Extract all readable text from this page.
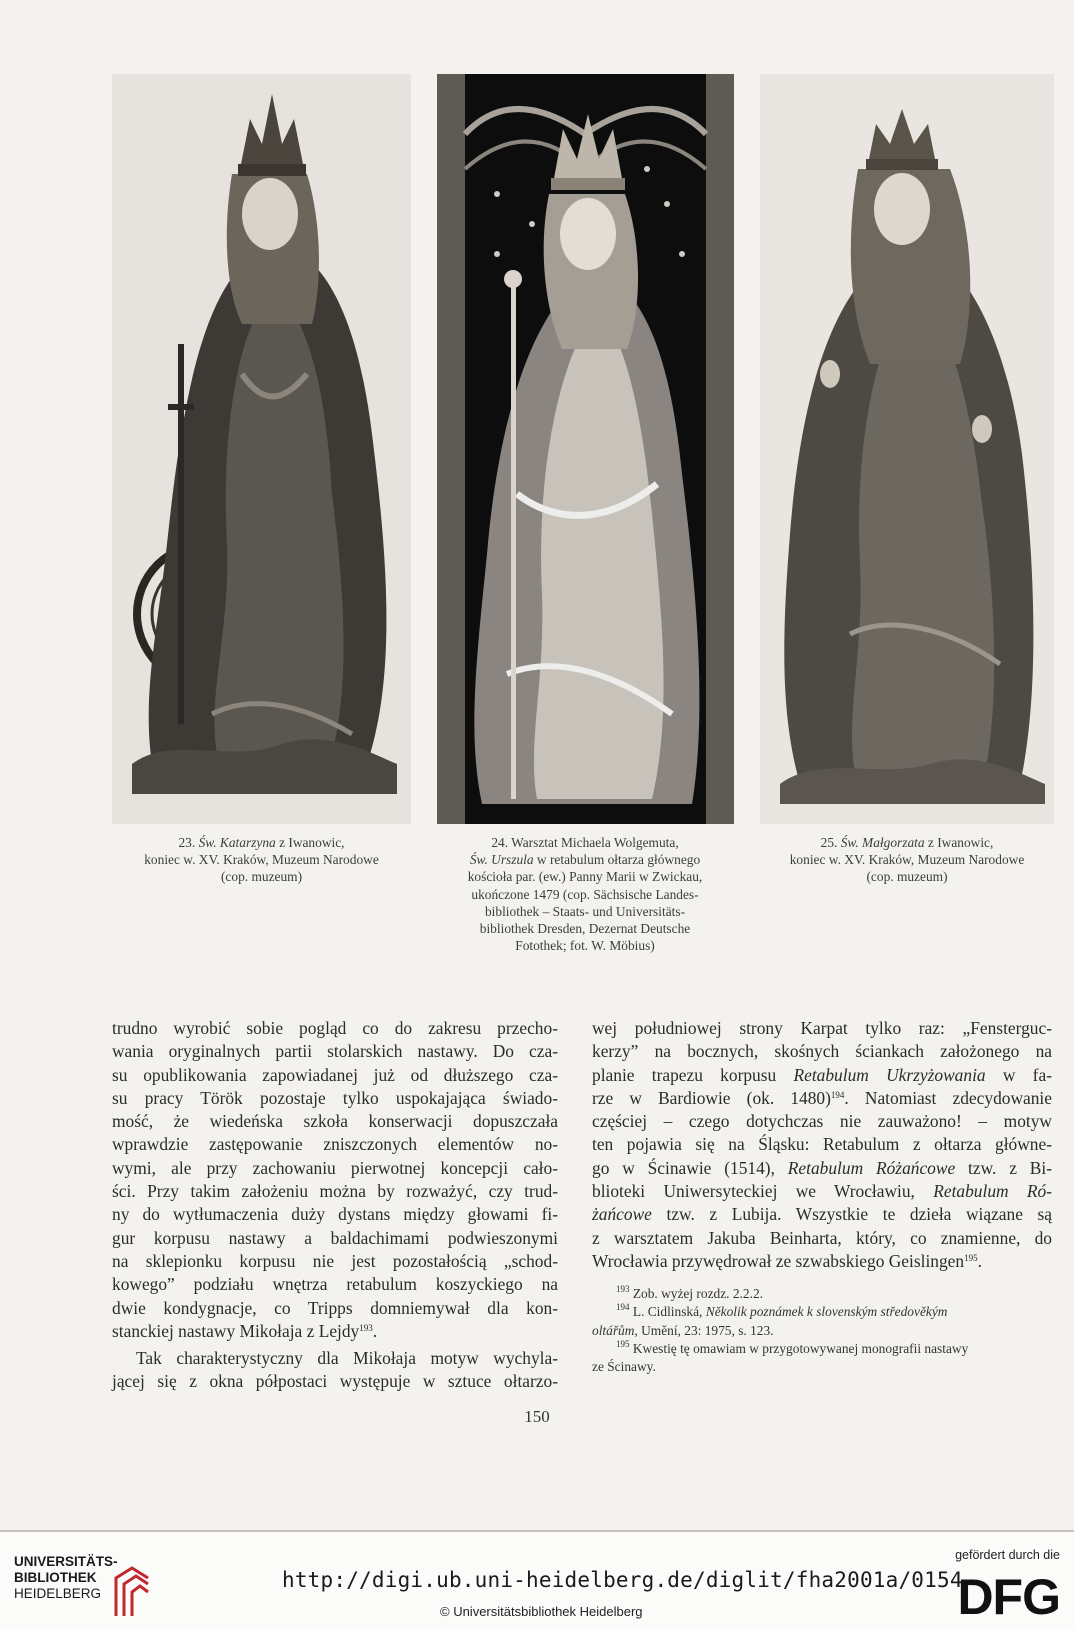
23. Św. Katarzyna z Iwanowic,
koniec w. XV. Kraków, Muzeum Narodowe
(cop. muzeum)
24. Warsztat Michaela Wolgemuta,
Św. Urszula w retabulum ołtarza głównego
kościoła par. (ew.) Panny Marii w Zwickau,
ukończone 1479 (cop. Sächsische Landes-
bibliothek – Staats- und Universitäts-
bibliothek Dresden, Dezernat Deutsche
Fotothek; fot. W. Möbius)
25. Św. Małgorzata z Iwanowic,
koniec w. XV. Kraków, Muzeum Narodowe
(cop. muzeum)
trudno wyrobić sobie pogląd co do zakresu przecho-
wania oryginalnych partii stolarskich nastawy. Do cza-
su opublikowania zapowiadanej już od dłuższego cza-
su pracy Török pozostaje tylko uspokajająca świado-
mość, że wiedeńska szkoła konserwacji dopuszczała
wprawdzie zastępowanie zniszczonych elementów no-
wymi, ale przy zachowaniu pierwotnej koncepcji cało-
ści. Przy takim założeniu można by rozważyć, czy trud-
ny do wytłumaczenia duży dystans między głowami fi-
gur korpusu nastawy a baldachimami podwieszonymi
na sklepionku korpusu nie jest pozostałością „schod-
kowego” podziału wnętrza retabulum koszyckiego na
dwie kondygnacje, co Tripps domniemywał dla kon-
stanckiej nastawy Mikołaja z Lejdy$^{193}$.
Tak charakterystyczny dla Mikołaja motyw wychyla-
jącej się z okna półpostaci występuje w sztuce ołtarzo-
wej południowej strony Karpat tylko raz: „Fensterguc-
kerzy” na bocznych, skośnych ściankach założonego na
planie trapezu korpusu Retabulum Ukrzyżowania w fa-
rze w Bardiowie (ok. 1480)$^{194}$. Natomiast zdecydowanie
częściej – czego dotychczas nie zauważono! – motyw
ten pojawia się na Śląsku: Retabulum z ołtarza główne-
go w Ścinawie (1514), Retabulum Różańcowe tzw. z Bi-
blioteki Uniwersyteckiej we Wrocławiu, Retabulum Ró-
żańcowe tzw. z Lubija. Wszystkie te dzieła wiązane są
z warsztatem Jakuba Beinharta, który, co znamienne, do
Wrocławia przywędrował ze szwabskiego Geislingen$^{195}$.
$^{193}$ Zob. wyżej rozdz. 2.2.2.
$^{194}$ L. Cidlinská, Několik poznámek k slovenským středověkým
oltářům, Umění, 23: 1975, s. 123.
$^{195}$ Kwestię tę omawiam w przygotowywanej monografii nastawy
ze Ścinawy.
150
UNIVERSITÄTS-
BIBLIOTHEK
HEIDELBERG
http://digi.ub.uni-heidelberg.de/diglit/fha2001a/0154
© Universitätsbibliothek Heidelberg
gefördert durch die
DFG
